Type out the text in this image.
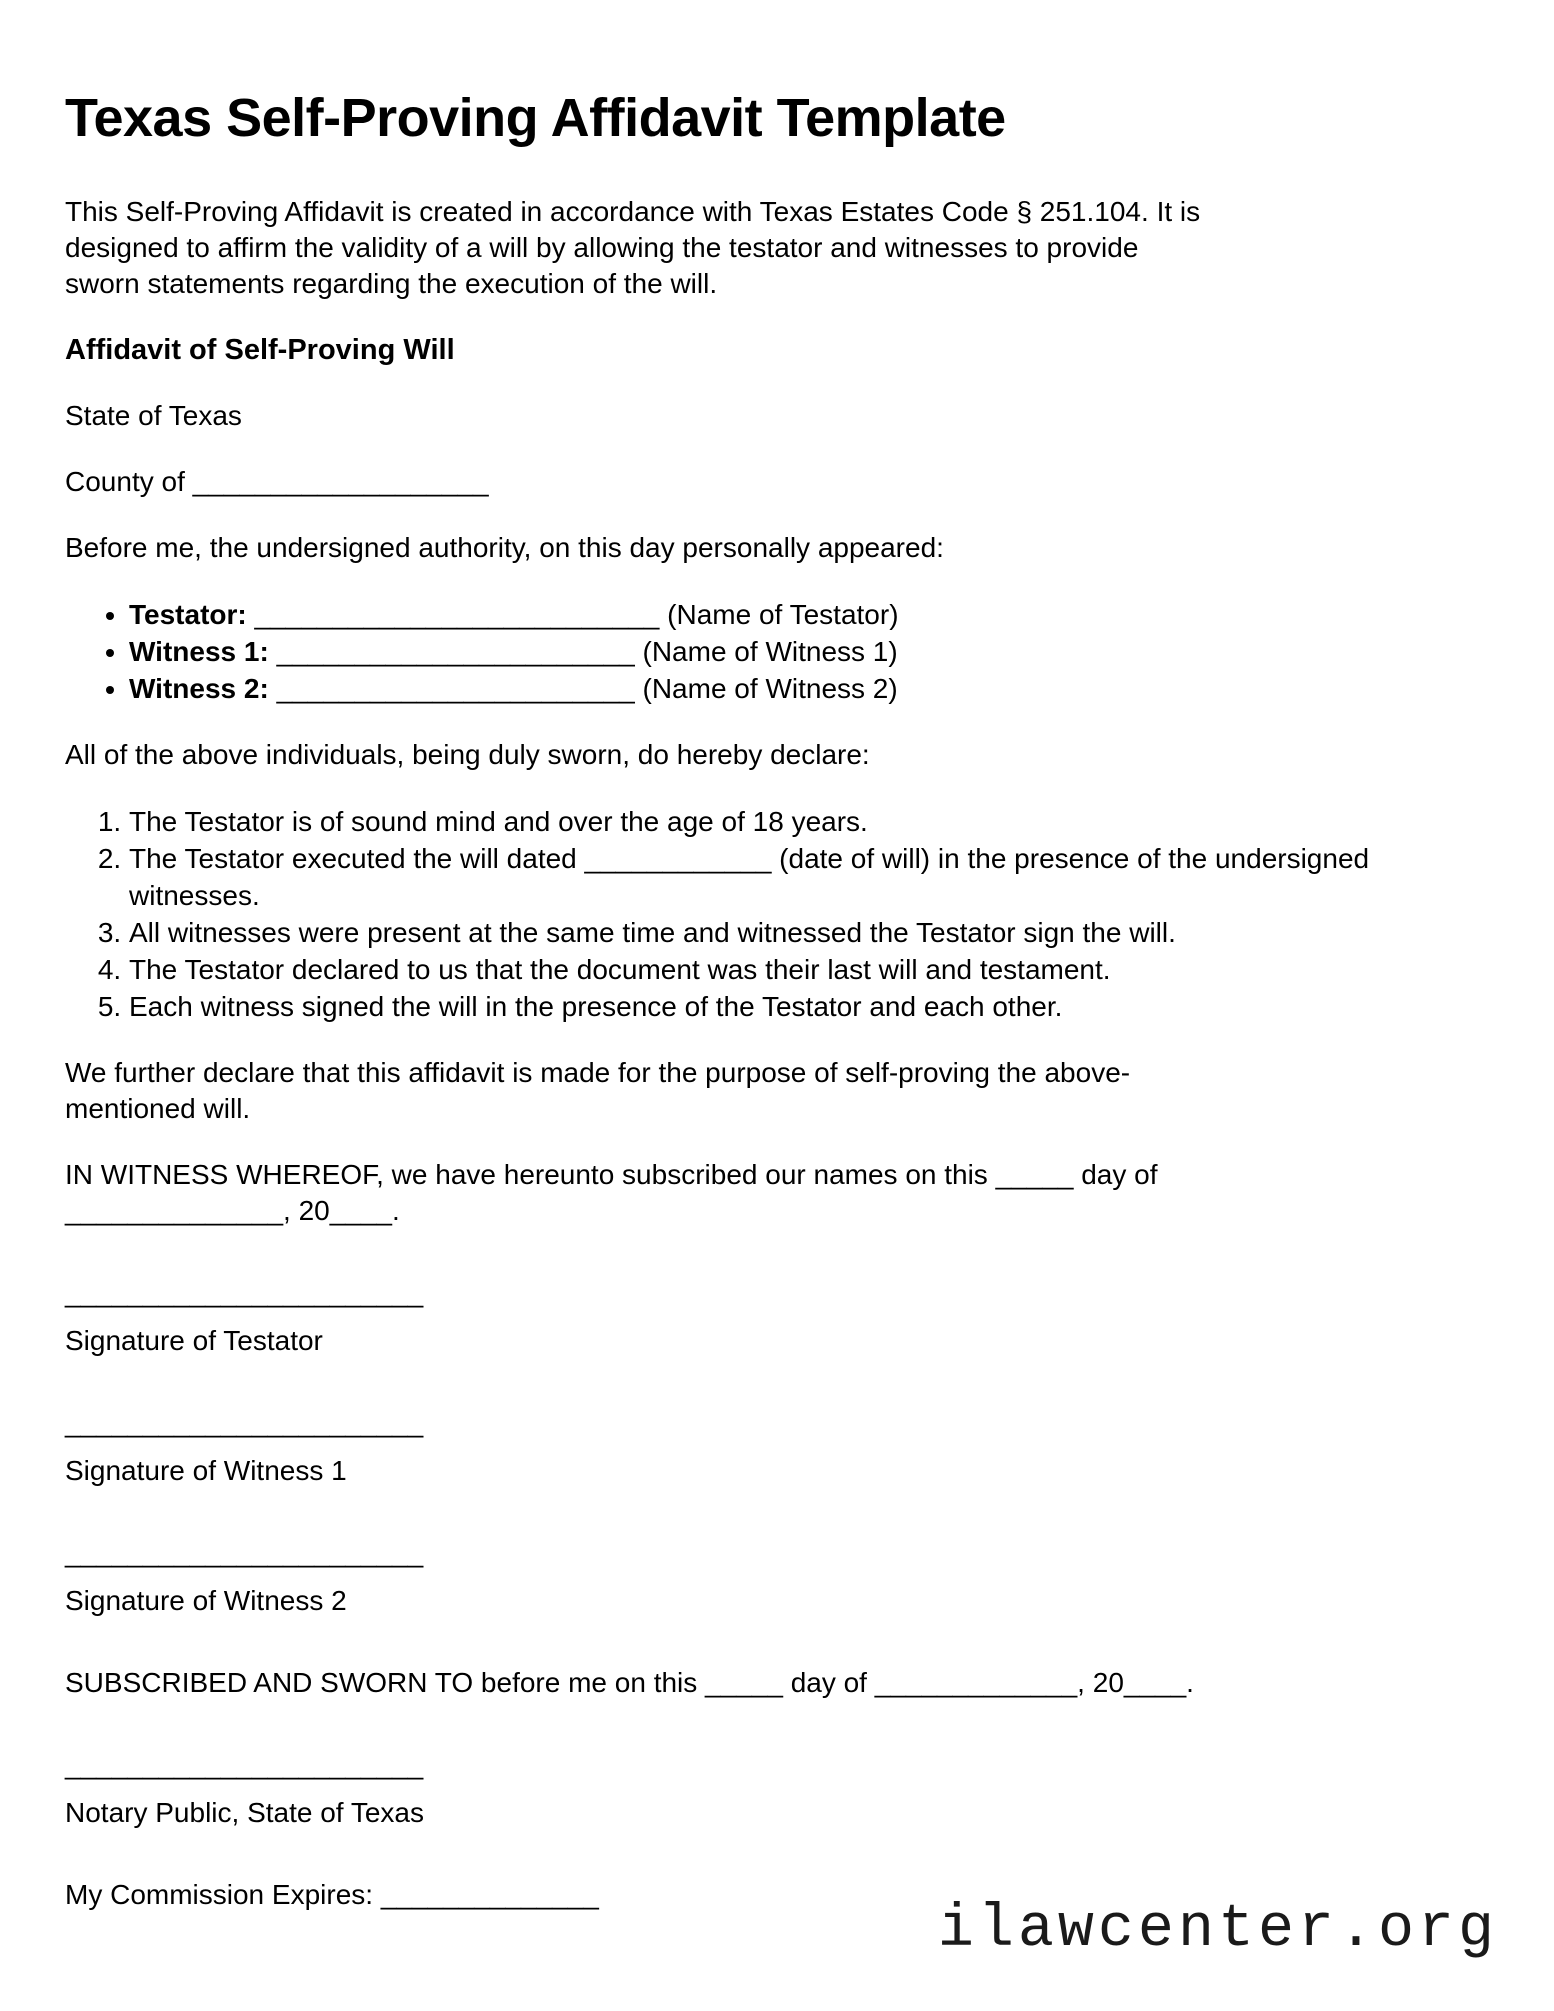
Texas Self-Proving Affidavit Template

This Self-Proving Affidavit is created in accordance with Texas Estates Code § 251.104. It is
designed to affirm the validity of a will by allowing the testator and witnesses to provide
sworn statements regarding the execution of the will.

Affidavit of Self-Proving Will

State of Texas

County of ___________________

Before me, the undersigned authority, on this day personally appeared:

• Testator: __________________________ (Name of Testator)
• Witness 1: _______________________ (Name of Witness 1)
• Witness 2: _______________________ (Name of Witness 2)

All of the above individuals, being duly sworn, do hereby declare:

1. The Testator is of sound mind and over the age of 18 years.
2. The Testator executed the will dated ____________ (date of will) in the presence of the undersigned witnesses.
3. All witnesses were present at the same time and witnessed the Testator sign the will.
4. The Testator declared to us that the document was their last will and testament.
5. Each witness signed the will in the presence of the Testator and each other.

We further declare that this affidavit is made for the purpose of self-proving the above-
mentioned will.

IN WITNESS WHEREOF, we have hereunto subscribed our names on this _____ day of
______________, 20____.

_______________________
Signature of Testator
_______________________
Signature of Witness 1
_______________________
Signature of Witness 2

SUBSCRIBED AND SWORN TO before me on this _____ day of _____________, 20____.

_______________________
Notary Public, State of Texas

My Commission Expires: ______________

ilawcenter.org
